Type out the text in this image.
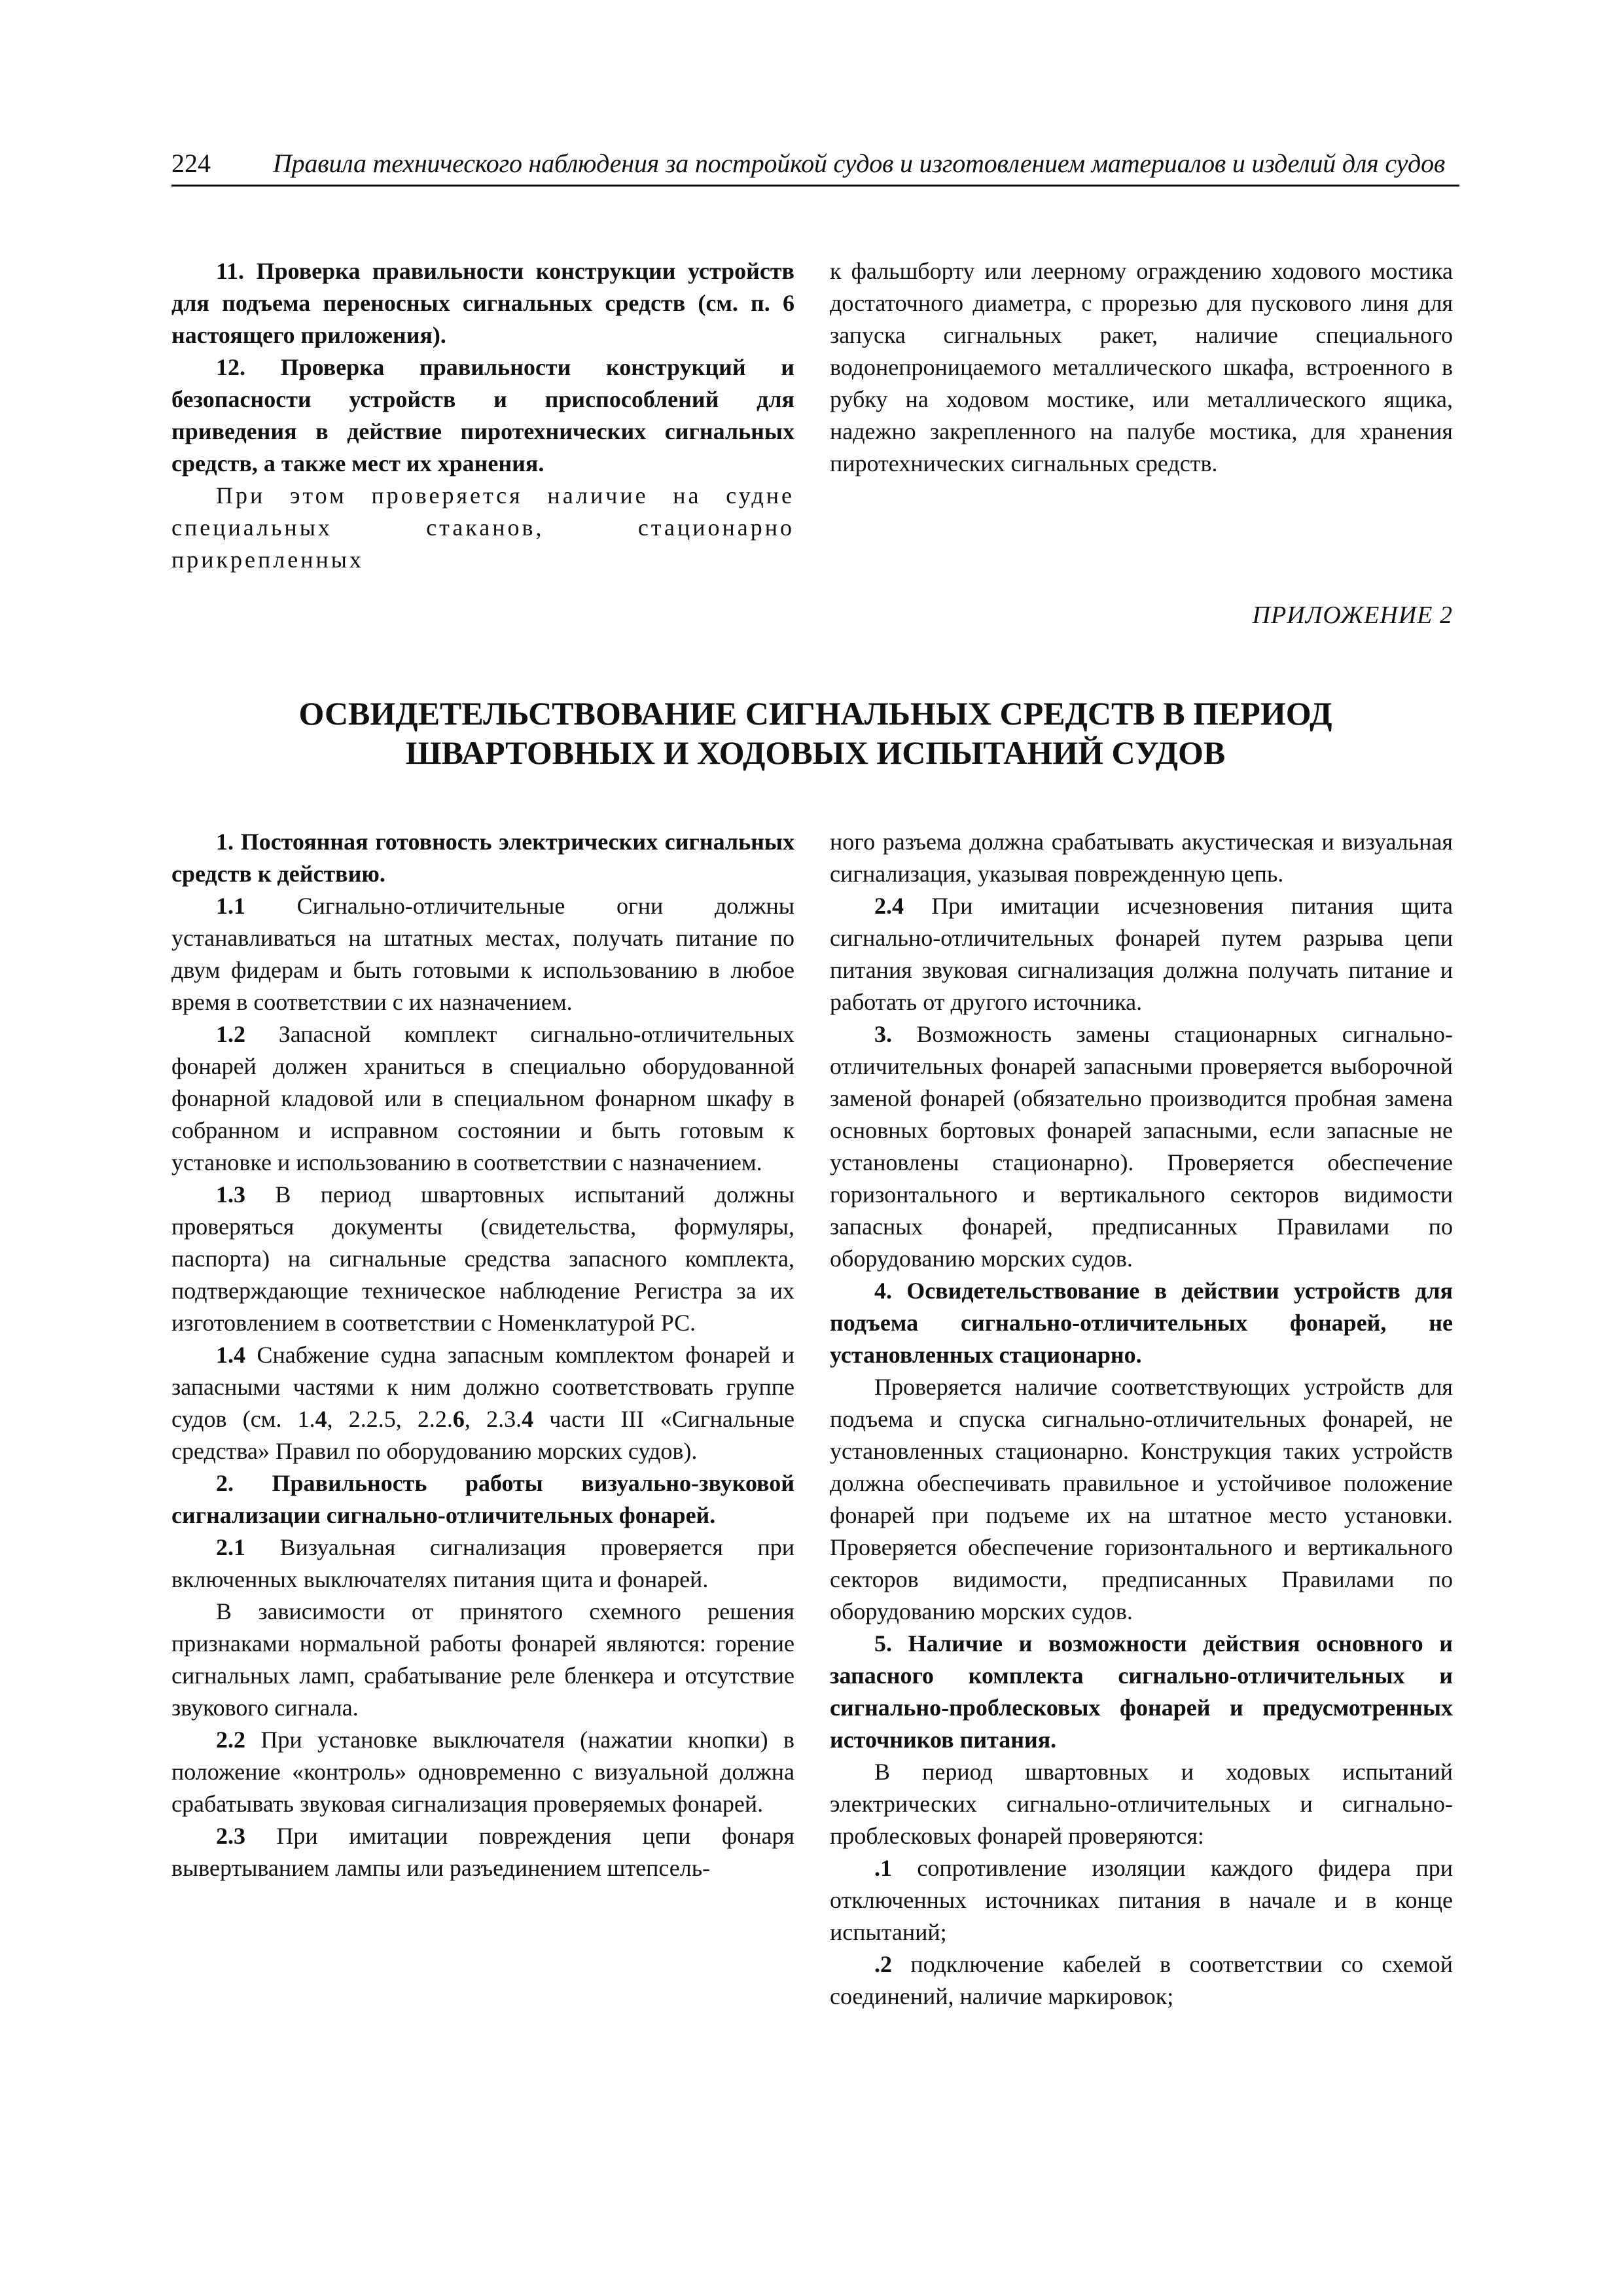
224 Правила технического наблюдения за постройкой судов и изготовлением материалов и изделий для судов

11. Проверка правильности конструкции устройств для подъема переносных сигнальных средств (см. п. 6 настоящего приложения).

12. Проверка правильности конструкций и безопасности устройств и приспособлений для приведения в действие пиротехнических сигнальных средств, а также мест их хранения.

При этом проверяется наличие на судне специальных стаканов, стационарно прикрепленных

к фальшборту или леерному ограждению ходового мостика достаточного диаметра, с прорезью для пускового линя для запуска сигнальных ракет, наличие специального водонепроницаемого металлического шкафа, встроенного в рубку на ходовом мостике, или металлического ящика, надежно закрепленного на палубе мостика, для хранения пиротехнических сигнальных средств.

ПРИЛОЖЕНИЕ 2
ОСВИДЕТЕЛЬСТВОВАНИЕ СИГНАЛЬНЫХ СРЕДСТВ В ПЕРИОД
ШВАРТОВНЫХ И ХОДОВЫХ ИСПЫТАНИЙ СУДОВ

1. Постоянная готовность электрических сигнальных средств к действию.

1.1 Сигнально-отличительные огни должны устанавливаться на штатных местах, получать питание по двум фидерам и быть готовыми к использованию в любое время в соответствии с их назначением.

1.2 Запасной комплект сигнально-отличительных фонарей должен храниться в специально оборудованной фонарной кладовой или в специальном фонарном шкафу в собранном и исправном состоянии и быть готовым к установке и использованию в соответствии с назначением.

1.3 В период швартовных испытаний должны проверяться документы (свидетельства, формуляры, паспорта) на сигнальные средства запасного комплекта, подтверждающие техническое наблюдение Регистра за их изготовлением в соответствии с Номенклатурой РС.

1.4 Снабжение судна запасным комплектом фонарей и запасными частями к ним должно соответствовать группе судов (см. 1.4, 2.2.5, 2.2.6, 2.3.4 части III «Сигнальные средства» Правил по оборудованию морских судов).

2. Правильность работы визуально-звуковой сигнализации сигнально-отличительных фонарей.

2.1 Визуальная сигнализация проверяется при включенных выключателях питания щита и фонарей.

В зависимости от принятого схемного решения признаками нормальной работы фонарей являются: горение сигнальных ламп, срабатывание реле бленкера и отсутствие звукового сигнала.

2.2 При установке выключателя (нажатии кнопки) в положение «контроль» одновременно с визуальной должна срабатывать звуковая сигнализация проверяемых фонарей.

2.3 При имитации повреждения цепи фонаря вывертыванием лампы или разъединением штепсель-

ного разъема должна срабатывать акустическая и визуальная сигнализация, указывая поврежденную цепь.

2.4 При имитации исчезновения питания щита сигнально-отличительных фонарей путем разрыва цепи питания звуковая сигнализация должна получать питание и работать от другого источника.

3. Возможность замены стационарных сигнально-отличительных фонарей запасными проверяется выборочной заменой фонарей (обязательно производится пробная замена основных бортовых фонарей запасными, если запасные не установлены стационарно). Проверяется обеспечение горизонтального и вертикального секторов видимости запасных фонарей, предписанных Правилами по оборудованию морских судов.

4. Освидетельствование в действии устройств для подъема сигнально-отличительных фонарей, не установленных стационарно.

Проверяется наличие соответствующих устройств для подъема и спуска сигнально-отличительных фонарей, не установленных стационарно. Конструкция таких устройств должна обеспечивать правильное и устойчивое положение фонарей при подъеме их на штатное место установки. Проверяется обеспечение горизонтального и вертикального секторов видимости, предписанных Правилами по оборудованию морских судов.

5. Наличие и возможности действия основного и запасного комплекта сигнально-отличительных и сигнально-проблесковых фонарей и предусмотренных источников питания.

В период швартовных и ходовых испытаний электрических сигнально-отличительных и сигнально-проблесковых фонарей проверяются:

.1 сопротивление изоляции каждого фидера при отключенных источниках питания в начале и в конце испытаний;

.2 подключение кабелей в соответствии со схемой соединений, наличие маркировок;
